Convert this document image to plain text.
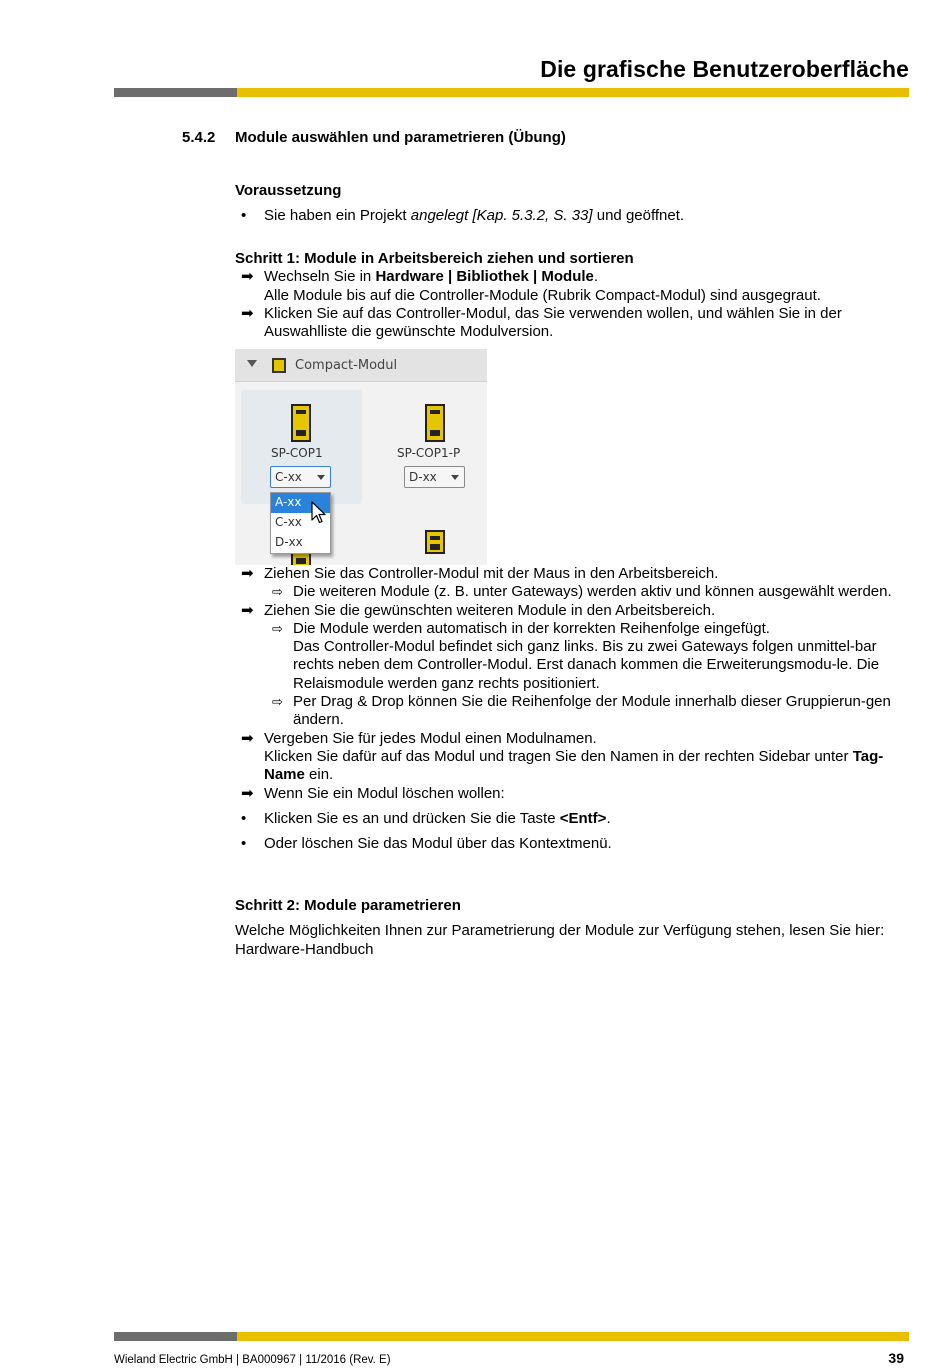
Die grafische Benutzeroberfläche
5.4.2 Module auswählen und parametrieren (Übung)
Voraussetzung
•	Sie haben ein Projekt angelegt [Kap. 5.3.2, S. 33] und geöffnet.
Schritt 1: Module in Arbeitsbereich ziehen und sortieren
➡ Wechseln Sie in Hardware | Bibliothek | Module.
Alle Module bis auf die Controller-Module (Rubrik Compact-Modul) sind ausgegraut.
➡ Klicken Sie auf das Controller-Modul, das Sie verwenden wollen, und wählen Sie in der Auswahlliste die gewünschte Modulversion.
Compact-Modul
SP-COP1	SP-COP1-P
C-xx	D-xx
A-xx
C-xx
D-xx
➡ Ziehen Sie das Controller-Modul mit der Maus in den Arbeitsbereich.
⇨ Die weiteren Module (z. B. unter Gateways) werden aktiv und können ausgewählt werden.
➡ Ziehen Sie die gewünschten weiteren Module in den Arbeitsbereich.
⇨ Die Module werden automatisch in der korrekten Reihenfolge eingefügt.
Das Controller-Modul befindet sich ganz links. Bis zu zwei Gateways folgen unmittel-bar rechts neben dem Controller-Modul. Erst danach kommen die Erweiterungsmodu-le. Die Relaismodule werden ganz rechts positioniert.
⇨ Per Drag & Drop können Sie die Reihenfolge der Module innerhalb dieser Gruppierun-gen ändern.
➡ Vergeben Sie für jedes Modul einen Modulnamen.
Klicken Sie dafür auf das Modul und tragen Sie den Namen in der rechten Sidebar unter Tag-Name ein.
➡ Wenn Sie ein Modul löschen wollen:
•	Klicken Sie es an und drücken Sie die Taste <Entf>.
•	Oder löschen Sie das Modul über das Kontextmenü.
Schritt 2: Module parametrieren
Welche Möglichkeiten Ihnen zur Parametrierung der Module zur Verfügung stehen, lesen Sie hier:
Hardware-Handbuch
Wieland Electric GmbH | BA000967 | 11/2016 (Rev. E)	39
